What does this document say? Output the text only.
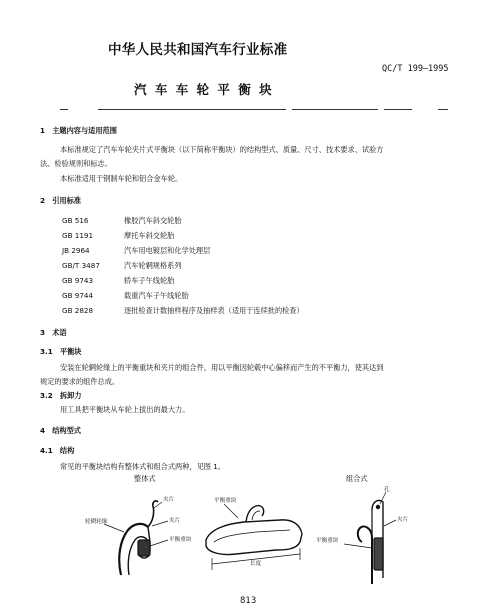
中华人民共和国汽车行业标准
QC/T 199—1995
汽 车 车 轮 平 衡 块
1　主题内容与适用范围
本标准规定了汽车车轮夹片式平衡块（以下简称平衡块）的结构型式、质量、尺寸、技术要求、试验方
法、检验规则和标志。
本标准适用于钢制车轮和铝合金车轮。
2　引用标准
GB 516	橡胶汽车斜交轮胎
GB 1191	摩托车斜交轮胎
JB 2964	汽车用电镀层和化学处理层
GB/T 3487	汽车轮辋规格系列
GB 9743	轿车子午线轮胎
GB 9744	载重汽车子午线轮胎
GB 2828	逐批检查计数抽样程序及抽样表（适用于连续批的检查）
3　术语
3.1　平衡块
安装在轮辋轮缘上的平衡重块和夹片的组合件，用以平衡因轮毂中心偏移而产生的不平衡力，使其达到
规定的要求的组件总成。
3.2　拆卸力
用工具把平衡块从车轮上拔出的最大力。
4　结构型式
4.1　结构
常见的平衡块结构有整体式和组合式两种，见图 1。
整体式	组合式
轮辋轮缘
夹片
夹片
平衡重块
平衡重块
长度
孔
夹片
平衡重块
813
